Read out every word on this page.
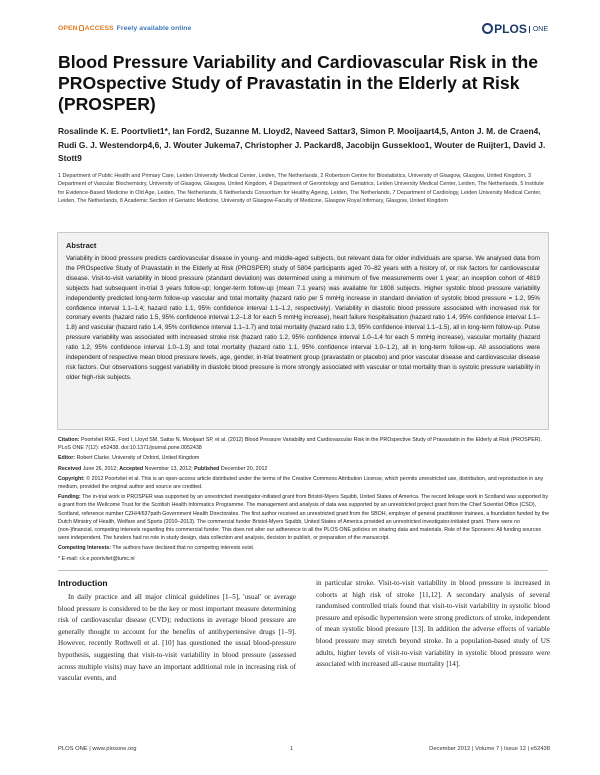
OPEN ACCESS Freely available online	PLOS ONE
Blood Pressure Variability and Cardiovascular Risk in the PROspective Study of Pravastatin in the Elderly at Risk (PROSPER)

Rosalinde K. E. Poortvliet1*, Ian Ford2, Suzanne M. Lloyd2, Naveed Sattar3, Simon P. Mooijaart4,5, Anton J. M. de Craen4, Rudi G. J. Westendorp4,6, J. Wouter Jukema7, Christopher J. Packard8, Jacobijn Gussekloo1, Wouter de Ruijter1, David J. Stott9

1 Department of Public Health and Primary Care, Leiden University Medical Center, Leiden, The Netherlands, 2 Robertson Centre for Biostatistics, University of Glasgow, Glasgow, United Kingdom, 3 Department of Vascular Biochemistry, University of Glasgow, Glasgow, United Kingdom, 4 Department of Gerontology and Geriatrics, Leiden University Medical Center, Leiden, The Netherlands, 5 Institute for Evidence-Based Medicine in Old Age, Leiden, The Netherlands, 6 Netherlands Consortium for Healthy Ageing, Leiden, The Netherlands, 7 Department of Cardiology, Leiden University Medical Center, Leiden, The Netherlands, 8 Academic Section of Geriatric Medicine, University of Glasgow-Faculty of Medicine, Glasgow Royal Infirmary, Glasgow, United Kingdom

Abstract

Variability in blood pressure predicts cardiovascular disease in young- and middle-aged subjects, but relevant data for older individuals are sparse. We analysed data from the PROspective Study of Pravastatin in the Elderly at Risk (PROSPER) study of 5804 participants aged 70–82 years with a history of, or risk factors for cardiovascular disease. Visit-to-visit variability in blood pressure (standard deviation) was determined using a minimum of five measurements over 1 year; an inception cohort of 4819 subjects had subsequent in-trial 3 years follow-up; longer-term follow-up (mean 7.1 years) was available for 1808 subjects. Higher systolic blood pressure variability independently predicted long-term follow-up vascular and total mortality (hazard ratio per 5 mmHg increase in standard deviation of systolic blood pressure = 1.2, 95% confidence interval 1.1–1.4; hazard ratio 1.1, 95% confidence interval 1.1–1.2, respectively). Variability in diastolic blood pressure associated with increased risk for coronary events (hazard ratio 1.5, 95% confidence interval 1.2–1.8 for each 5 mmHg increase), heart failure hospitalisation (hazard ratio 1.4, 95% confidence interval 1.1–1.8) and vascular (hazard ratio 1.4, 95% confidence interval 1.1–1.7) and total mortality (hazard ratio 1.3, 95% confidence interval 1.1–1.5), all in long-term follow-up. Pulse pressure variability was associated with increased stroke risk (hazard ratio 1.2, 95% confidence interval 1.0–1.4 for each 5 mmHg increase), vascular mortality (hazard ratio 1.2, 95% confidence interval 1.0–1.3) and total mortality (hazard ratio 1.1, 95% confidence interval 1.0–1.2), all in long-term follow-up. All associations were independent of respective mean blood pressure levels, age, gender, in-trial treatment group (pravastatin or placebo) and prior vascular disease and cardiovascular disease risk factors. Our observations suggest variability in diastolic blood pressure is more strongly associated with vascular or total mortality than is systolic pressure variability in older high-risk subjects.

Citation: Poortvliet RKE, Ford I, Lloyd SM, Sattar N, Mooijaart SP, et al. (2012) Blood Pressure Variability and Cardiovascular Risk in the PROspective Study of Pravastatin in the Elderly at Risk (PROSPER). PLoS ONE 7(12): e52438. doi:10.1371/journal.pone.0052438

Editor: Robert Clarke, University of Oxford, United Kingdom

Received June 26, 2012; Accepted November 13, 2012; Published December 20, 2012

Copyright: © 2012 Poortvliet et al. This is an open-access article distributed under the terms of the Creative Commons Attribution License, which permits unrestricted use, distribution, and reproduction in any medium, provided the original author and source are credited.

Funding: The in-trial work in PROSPER was supported by an unrestricted investigator-initiated grant from Bristol-Myers Squibb, United States of America. The record linkage work in Scotland was supported by a grant from the Wellcome Trust for the Scottish Health Informatics Programme. The management and analysis of data was supported by an unrestricted project grant from the Chief Scientist Office (CSO), Scotland, reference number CZH/4/637path Government Health Directorates. The first author received an unrestricted grant from the SBOH, employer of general practitioner trainees, a foundation funded by the Dutch Ministry of Health, Welfare and Sports (2010–2013). The commercial funder Bristol-Myers Squibb, United States of America provided an unrestricted investigator-initiated grant. There were no (non-)financial, competing interests regarding this commercial funder. This does not alter our adherence to all the PLOS ONE policies on sharing data and materials. Role of the Sponsors: All funding sources were independent. The funders had no role in study design, data collection and analysis, decision to publish, or preparation of the manuscript.

Competing Interests: The authors have declared that no competing interests exist.

* E-mail: r.k.e.poortvliet@lumc.nl

Introduction
In daily practice and all major clinical guidelines [1–5], 'usual' or average blood pressure is considered to be the key or most important measure determining risk of cardiovascular disease (CVD); reductions in average blood pressure are generally thought to account for the benefits of antihypertensive drugs [1–9]. However, recently Rothwell et al. [10] has questioned the usual blood-pressure hypothesis, suggesting that visit-to-visit variability in blood pressure (assessed across multiple visits) may have an important additional role in increasing risk of vascular events, and
in particular stroke. Visit-to-visit variability in blood pressure is increased in cohorts at high risk of stroke [11,12]. A secondary analysis of several randomised controlled trials found that visit-to-visit variability in systolic blood pressure and episodic hypertension were strong predictors of stroke, independent of mean systolic blood pressure [13]. In addition the adverse effects of variable blood pressure may stretch beyond stroke. In a population-based study of US adults, higher levels of visit-to-visit variability in systolic blood pressure were associated with increased all-cause mortality [14].
PLOS ONE | www.plosone.org	1	December 2012 | Volume 7 | Issue 12 | e52438
